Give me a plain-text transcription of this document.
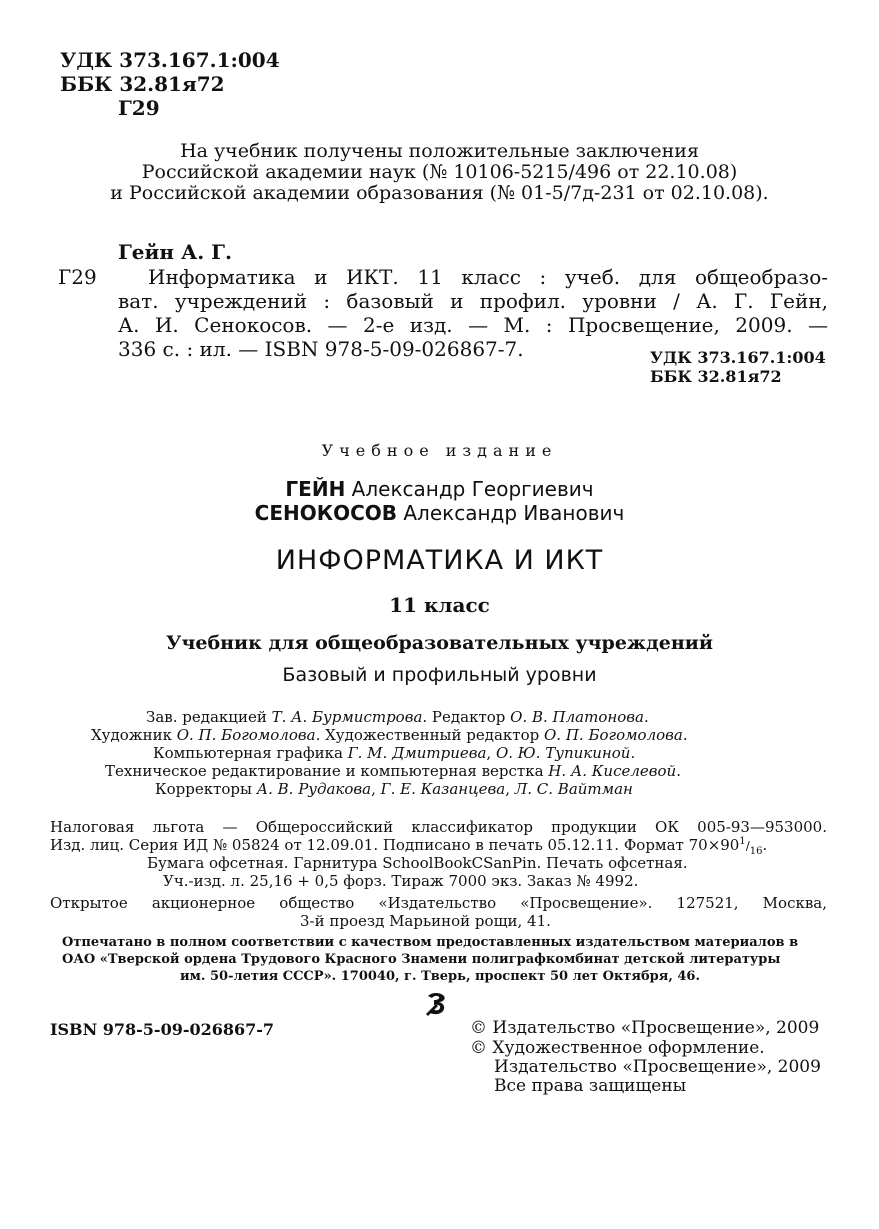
УДК 373.167.1:004
ББК 32.81я72
Г29
На учебник получены положительные заключения
Российской академии наук (№ 10106-5215/496 от 22.10.08)
и Российской академии образования (№ 01-5/7д-231 от 02.10.08).
Гейн А. Г.
Г29	Информатика и ИКТ. 11 класс : учеб. для общеобразо-
ват. учреждений : базовый и профил. уровни / А. Г. Гейн,
А. И. Сенокосов. — 2-е изд. — М. : Просвещение, 2009. —
336 с. : ил. — ISBN 978-5-09-026867-7.	УДК 373.167.1:004
ББК 32.81я72
Учебное издание
ГЕЙН Александр Георгиевич
СЕНОКОСОВ Александр Иванович
ИНФОРМАТИКА И ИКТ
11 класс
Учебник для общеобразовательных учреждений
Базовый и профильный уровни
Зав. редакцией Т. А. Бурмистрова. Редактор О. В. Платонова.
Художник О. П. Богомолова. Художественный редактор О. П. Богомолова.
Компьютерная графика Г. М. Дмитриева, О. Ю. Тупикиной.
Техническое редактирование и компьютерная верстка Н. А. Киселевой.
Корректоры А. В. Рудакова, Г. Е. Казанцева, Л. С. Вайтман
Налоговая льгота — Общероссийский классификатор продукции ОК 005-93—953000.
Изд. лиц. Серия ИД № 05824 от 12.09.01. Подписано в печать 05.12.11. Формат $70\times 90^1/_{16}$.
Бумага офсетная. Гарнитура SchoolBookCSanPin. Печать офсетная.
Уч.-изд. л. 25,16 + 0,5 форз. Тираж 7000 экз. Заказ № 4992.
Открытое акционерное общество «Издательство «Просвещение». 127521, Москва,
3-й проезд Марьиной рощи, 41.
Отпечатано в полном соответствии с качеством предоставленных издательством материалов в
ОАО «Тверской ордена Трудового Красного Знамени полиграфкомбинат детской литературы
им. 50-летия СССР». 170040, г. Тверь, проспект 50 лет Октября, 46.
ISBN 978-5-09-026867-7	© Издательство «Просвещение», 2009
© Художественное оформление.
Издательство «Просвещение», 2009
Все права защищены
